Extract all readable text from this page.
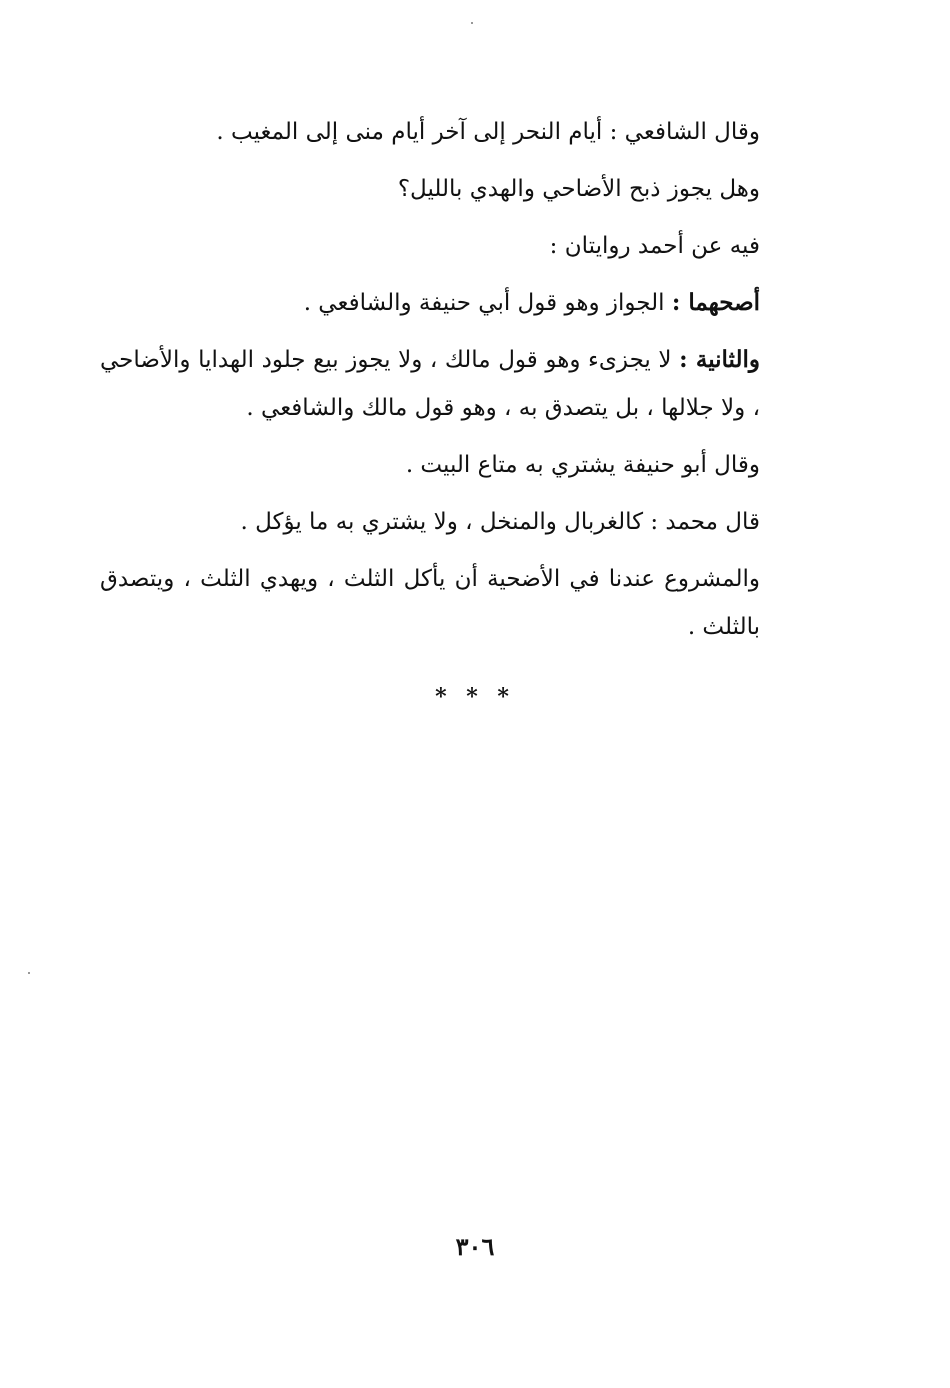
وقال الشافعي : أيام النحر إلى آخر أيام منى إلى المغيب .

وهل يجوز ذبح الأضاحي والهدي بالليل؟

فيه عن أحمد روايتان :

أصحهما : الجواز وهو قول أبي حنيفة والشافعي .

والثانية : لا يجزىء وهو قول مالك ، ولا يجوز بيع جلود الهدايا والأضاحي ، ولا جلالها ، بل يتصدق به ، وهو قول مالك والشافعي .

وقال أبو حنيفة يشتري به متاع البيت .

قال محمد : كالغربال والمنخل ، ولا يشتري به ما يؤكل .

والمشروع عندنا في الأضحية أن يأكل الثلث ، ويهدي الثلث ، ويتصدق بالثلث .

* * *
٣٠٦
